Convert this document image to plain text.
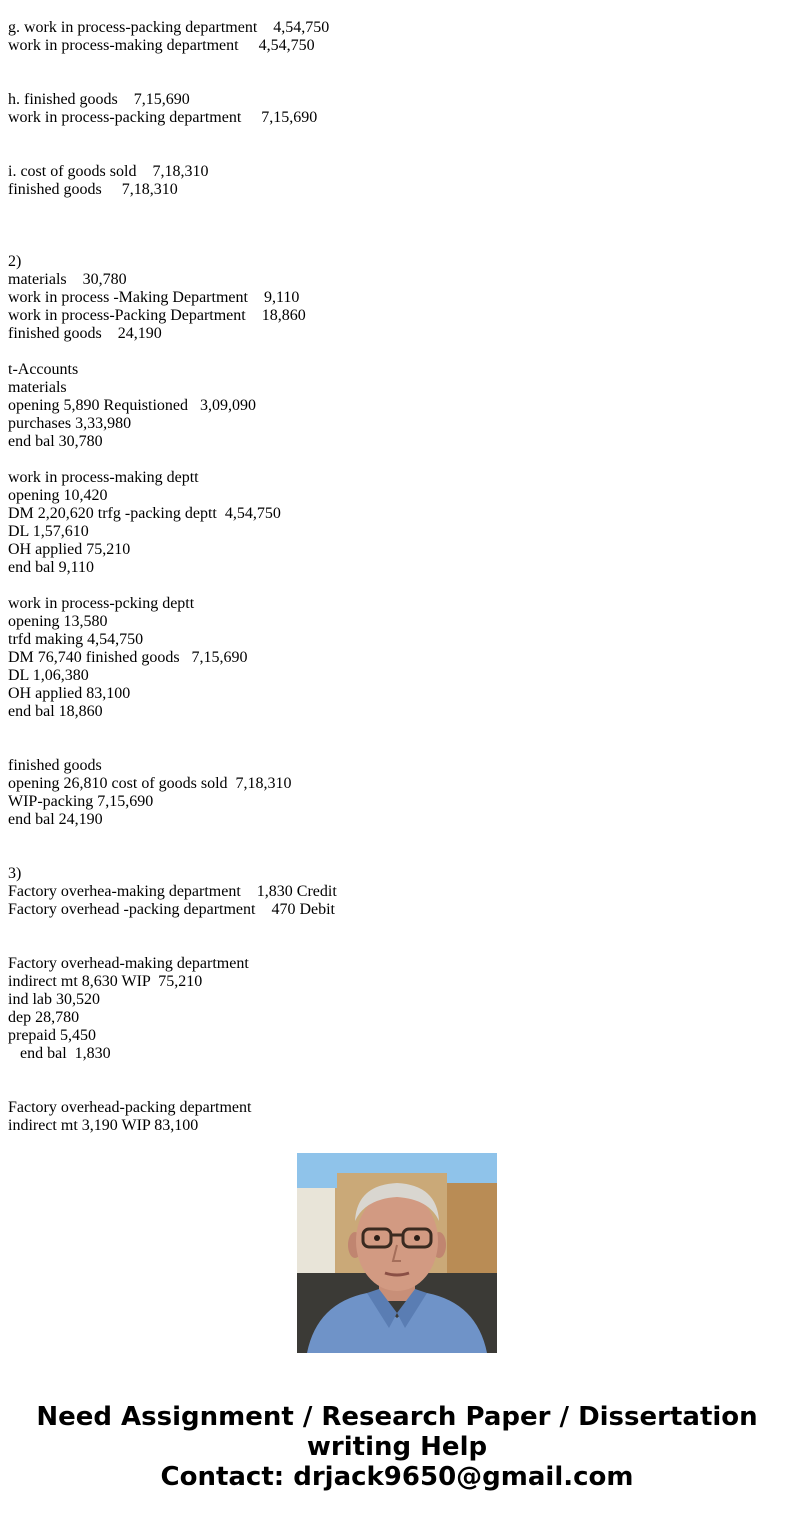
g. work in process-packing department    4,54,750
work in process-making department     4,54,750
h. finished goods    7,15,690
work in process-packing department     7,15,690
i. cost of goods sold    7,18,310
finished goods     7,18,310
2)
materials    30,780
work in process -Making Department    9,110
work in process-Packing Department    18,860
finished goods    24,190
t-Accounts
materials
opening 5,890 Requistioned   3,09,090
purchases 3,33,980
end bal 30,780
work in process-making deptt
opening 10,420
DM 2,20,620 trfg -packing deptt  4,54,750
DL 1,57,610
OH applied 75,210
end bal 9,110
work in process-pcking deptt
opening 13,580
trfd making 4,54,750
DM 76,740 finished goods   7,15,690
DL 1,06,380
OH applied 83,100
end bal 18,860
finished goods
opening 26,810 cost of goods sold  7,18,310
WIP-packing 7,15,690
end bal 24,190
3)
Factory overhea-making department    1,830 Credit
Factory overhead -packing department    470 Debit
Factory overhead-making department
indirect mt 8,630 WIP  75,210
ind lab 30,520
dep 28,780
prepaid 5,450
end bal  1,830
Factory overhead-packing department
indirect mt 3,190 WIP 83,100
Need Assignment / Research Paper / Dissertation
writing Help
Contact: drjack9650@gmail.com
